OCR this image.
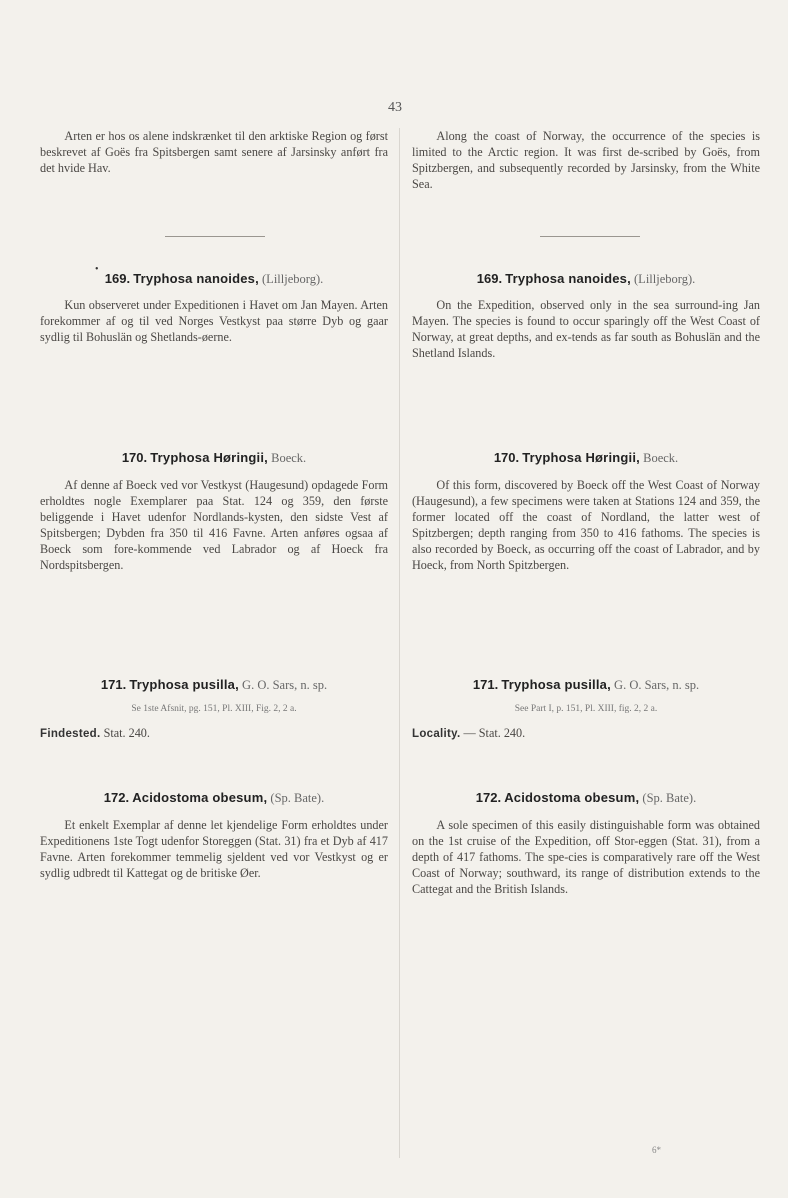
43
•

Arten er hos os alene indskrænket til den arktiske Region og først beskrevet af Goës fra Spitsbergen samt senere af Jarsinsky anført fra det hvide Hav.

169. Tryphosa nanoides, (Lilljeborg).

Kun observeret under Expeditionen i Havet om Jan Mayen. Arten forekommer af og til ved Norges Vestkyst paa større Dyb og gaar sydlig til Bohuslän og Shetlands-øerne.

170. Tryphosa Høringii, Boeck.

Af denne af Boeck ved vor Vestkyst (Haugesund) opdagede Form erholdtes nogle Exemplarer paa Stat. 124 og 359, den første beliggende i Havet udenfor Nordlands-kysten, den sidste Vest af Spitsbergen; Dybden fra 350 til 416 Favne. Arten anføres ogsaa af Boeck som fore-kommende ved Labrador og af Hoeck fra Nordspitsbergen.

171. Tryphosa pusilla, G. O. Sars, n. sp.

Se 1ste Afsnit, pg. 151, Pl. XIII, Fig. 2, 2 a.

Findested. Stat. 240.

172. Acidostoma obesum, (Sp. Bate).

Et enkelt Exemplar af denne let kjendelige Form erholdtes under Expeditionens 1ste Togt udenfor Storeggen (Stat. 31) fra et Dyb af 417 Favne. Arten forekommer temmelig sjeldent ved vor Vestkyst og er sydlig udbredt til Kattegat og de britiske Øer.

Along the coast of Norway, the occurrence of the species is limited to the Arctic region. It was first de-scribed by Goës, from Spitzbergen, and subsequently recorded by Jarsinsky, from the White Sea.

169. Tryphosa nanoides, (Lilljeborg).

On the Expedition, observed only in the sea surround-ing Jan Mayen. The species is found to occur sparingly off the West Coast of Norway, at great depths, and ex-tends as far south as Bohuslän and the Shetland Islands.

170. Tryphosa Høringii, Boeck.

Of this form, discovered by Boeck off the West Coast of Norway (Haugesund), a few specimens were taken at Stations 124 and 359, the former located off the coast of Nordland, the latter west of Spitzbergen; depth ranging from 350 to 416 fathoms. The species is also recorded by Boeck, as occurring off the coast of Labrador, and by Hoeck, from North Spitzbergen.

171. Tryphosa pusilla, G. O. Sars, n. sp.

See Part I, p. 151, Pl. XIII, fig. 2, 2 a.

Locality. — Stat. 240.

172. Acidostoma obesum, (Sp. Bate).

A sole specimen of this easily distinguishable form was obtained on the 1st cruise of the Expedition, off Stor-eggen (Stat. 31), from a depth of 417 fathoms. The spe-cies is comparatively rare off the West Coast of Norway; southward, its range of distribution extends to the Cattegat and the British Islands.

6*
